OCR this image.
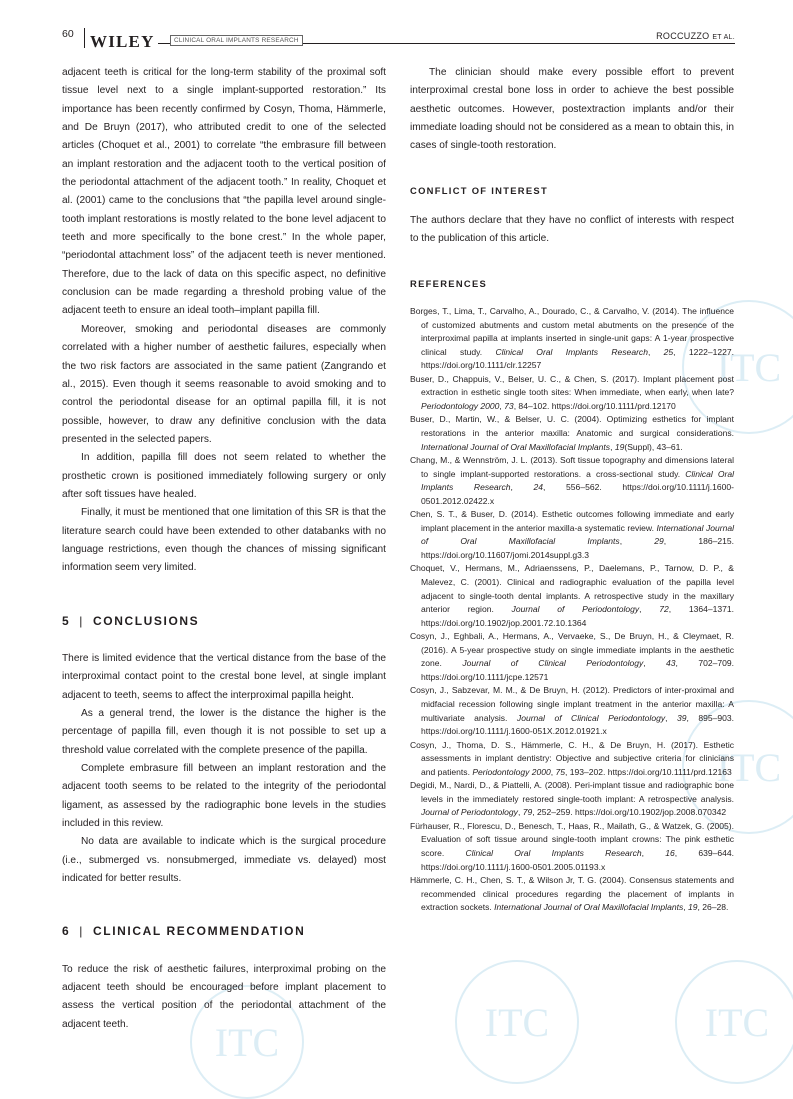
ITC
ITC
ITC	ITC
ITC
60 WILEY	CLINICAL ORAL IMPLANTS RESEARCH	ROCCUZZO ET AL.

adjacent teeth is critical for the long-term stability of the proximal soft tissue level next to a single implant-supported restoration.” Its importance has been recently confirmed by Cosyn, Thoma, Hämmerle, and De Bruyn (2017), who attributed credit to one of the selected articles (Choquet et al., 2001) to correlate “the embrasure fill between an implant restoration and the adjacent tooth to the vertical position of the periodontal attachment of the adjacent tooth.” In reality, Choquet et al. (2001) came to the conclusions that “the papilla level around single-tooth implant restorations is mostly related to the bone level adjacent to teeth and more specifically to the bone crest.” In the whole paper, “periodontal attachment loss” of the adjacent teeth is never mentioned. Therefore, due to the lack of data on this specific aspect, no definitive conclusion can be made regarding a threshold probing value of the adjacent teeth to ensure an ideal tooth–implant papilla fill.

Moreover, smoking and periodontal diseases are commonly correlated with a higher number of aesthetic failures, especially when the two risk factors are associated in the same patient (Zangrando et al., 2015). Even though it seems reasonable to avoid smoking and to control the periodontal disease for an optimal papilla fill, it is not possible, however, to draw any definitive conclusion with the data presented in the selected papers.

In addition, papilla fill does not seem related to whether the prosthetic crown is positioned immediately following surgery or only after soft tissues have healed.

Finally, it must be mentioned that one limitation of this SR is that the literature search could have been extended to other databanks with no language restrictions, even though the chances of missing significant information seem very limited.

5 | CONCLUSIONS

There is limited evidence that the vertical distance from the base of the interproximal contact point to the crestal bone level, at single implant adjacent to teeth, seems to affect the interproximal papilla height.

As a general trend, the lower is the distance the higher is the percentage of papilla fill, even though it is not possible to set up a threshold value correlated with the complete presence of the papilla.

Complete embrasure fill between an implant restoration and the adjacent tooth seems to be related to the integrity of the periodontal ligament, as assessed by the radiographic bone levels in the studies included in this review.

No data are available to indicate which is the surgical procedure (i.e., submerged vs. nonsubmerged, immediate vs. delayed) most indicated for better results.

6 | CLINICAL RECOMMENDATION

To reduce the risk of aesthetic failures, interproximal probing on the adjacent teeth should be encouraged before implant placement to assess the vertical position of the periodontal attachment of the adjacent teeth.

The clinician should make every possible effort to prevent interproximal crestal bone loss in order to achieve the best possible aesthetic outcomes. However, postextraction implants and/or their immediate loading should not be considered as a mean to obtain this, in cases of single-tooth restoration.

CONFLICT OF INTEREST

The authors declare that they have no conflict of interests with respect to the publication of this article.

REFERENCES

Borges, T., Lima, T., Carvalho, A., Dourado, C., & Carvalho, V. (2014). The influence of customized abutments and custom metal abutments on the presence of the interproximal papilla at implants inserted in single-unit gaps: A 1-year prospective clinical study. Clinical Oral Implants Research, 25, 1222–1227. https://doi.org/10.1111/clr.12257

Buser, D., Chappuis, V., Belser, U. C., & Chen, S. (2017). Implant placement post extraction in esthetic single tooth sites: When immediate, when early, when late? Periodontology 2000, 73, 84–102. https://doi.org/10.1111/prd.12170

Buser, D., Martin, W., & Belser, U. C. (2004). Optimizing esthetics for implant restorations in the anterior maxilla: Anatomic and surgical considerations. International Journal of Oral Maxillofacial Implants, 19(Suppl), 43–61.

Chang, M., & Wennström, J. L. (2013). Soft tissue topography and dimensions lateral to single implant-supported restorations. a cross-sectional study. Clinical Oral Implants Research, 24, 556–562. https://doi.org/10.1111/j.1600-0501.2012.02422.x

Chen, S. T., & Buser, D. (2014). Esthetic outcomes following immediate and early implant placement in the anterior maxilla-a systematic review. International Journal of Oral Maxillofacial Implants, 29, 186–215. https://doi.org/10.11607/jomi.2014suppl.g3.3

Choquet, V., Hermans, M., Adriaenssens, P., Daelemans, P., Tarnow, D. P., & Malevez, C. (2001). Clinical and radiographic evaluation of the papilla level adjacent to single-tooth dental implants. A retrospective study in the maxillary anterior region. Journal of Periodontology, 72, 1364–1371. https://doi.org/10.1902/jop.2001.72.10.1364

Cosyn, J., Eghbali, A., Hermans, A., Vervaeke, S., De Bruyn, H., & Cleymaet, R. (2016). A 5-year prospective study on single immediate implants in the aesthetic zone. Journal of Clinical Periodontology, 43, 702–709. https://doi.org/10.1111/jcpe.12571

Cosyn, J., Sabzevar, M. M., & De Bruyn, H. (2012). Predictors of inter-proximal and midfacial recession following single implant treatment in the anterior maxilla: A multivariate analysis. Journal of Clinical Periodontology, 39, 895–903. https://doi.org/10.1111/j.1600-051X.2012.01921.x

Cosyn, J., Thoma, D. S., Hämmerle, C. H., & De Bruyn, H. (2017). Esthetic assessments in implant dentistry: Objective and subjective criteria for clinicians and patients. Periodontology 2000, 75, 193–202. https://doi.org/10.1111/prd.12163

Degidi, M., Nardi, D., & Piattelli, A. (2008). Peri-implant tissue and radiographic bone levels in the immediately restored single-tooth implant: A retrospective analysis. Journal of Periodontology, 79, 252–259. https://doi.org/10.1902/jop.2008.070342

Fürhauser, R., Florescu, D., Benesch, T., Haas, R., Mailath, G., & Watzek, G. (2005). Evaluation of soft tissue around single-tooth implant crowns: The pink esthetic score. Clinical Oral Implants Research, 16, 639–644. https://doi.org/10.1111/j.1600-0501.2005.01193.x

Hämmerle, C. H., Chen, S. T., & Wilson Jr, T. G. (2004). Consensus statements and recommended clinical procedures regarding the placement of implants in extraction sockets. International Journal of Oral Maxillofacial Implants, 19, 26–28.
